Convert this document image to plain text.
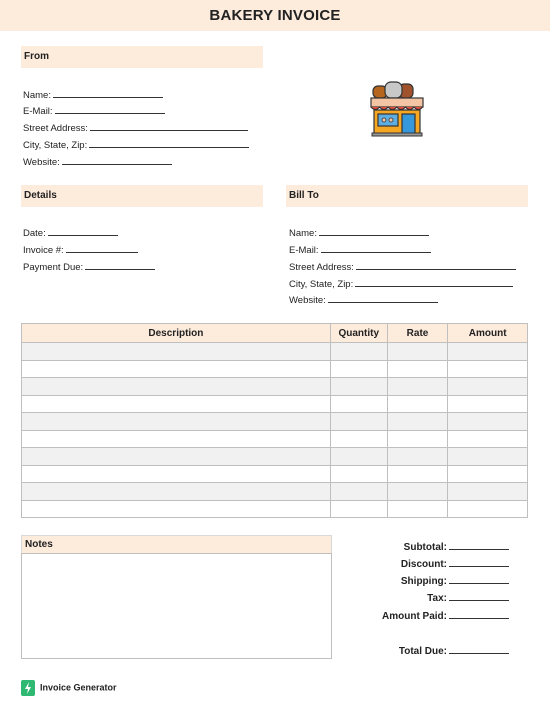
BAKERY INVOICE
From
Name:
E-Mail:
Street Address:
City, State, Zip:
Website:
Details
Date:
Invoice #:
Payment Due:
Bill To
Name:
E-Mail:
Street Address:
City, State, Zip:
Website:
Description	Quantity	Rate	Amount

Notes	Subtotal:
Discount:
Shipping:
Tax:
Amount Paid:
Total Due:
Invoice Generator
